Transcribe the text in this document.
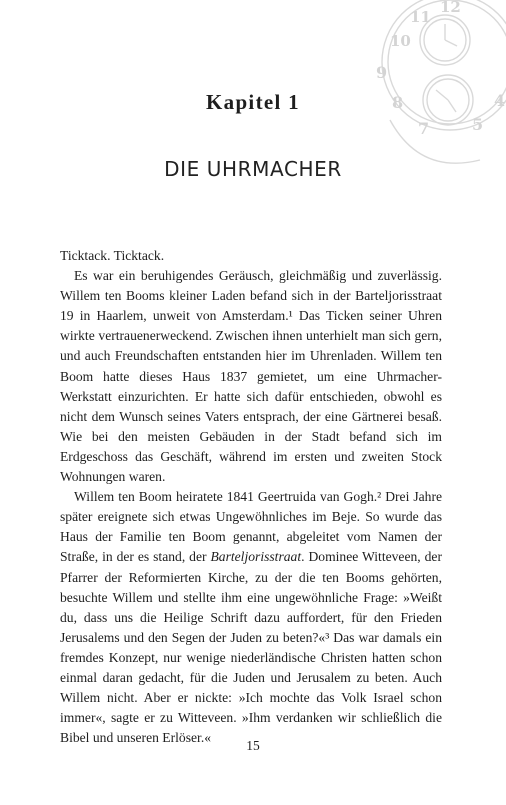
12
11
10
9
8
7	5
4
Kapitel 1
DIE UHRMACHER

Ticktack. Ticktack.

Es war ein beruhigendes Geräusch, gleichmäßig und zuverlässig. Willem ten Booms kleiner Laden befand sich in der Barteljorisstraat 19 in Haarlem, unweit von Amsterdam.¹ Das Ticken seiner Uhren wirkte vertrauenerweckend. Zwischen ihnen unterhielt man sich gern, und auch Freundschaften entstanden hier im Uhrenladen. Willem ten Boom hatte dieses Haus 1837 gemietet, um eine Uhrmacher-Werkstatt einzurichten. Er hatte sich dafür entschieden, obwohl es nicht dem Wunsch seines Vaters entsprach, der eine Gärtnerei besaß. Wie bei den meisten Gebäuden in der Stadt befand sich im Erdgeschoss das Geschäft, während im ersten und zweiten Stock Wohnungen waren.

Willem ten Boom heiratete 1841 Geertruida van Gogh.² Drei Jahre später ereignete sich etwas Ungewöhnliches im Beje. So wurde das Haus der Familie ten Boom genannt, abgeleitet vom Namen der Straße, in der es stand, der Barteljorisstraat. Dominee Witteveen, der Pfarrer der Reformierten Kirche, zu der die ten Booms gehörten, besuchte Willem und stellte ihm eine ungewöhnliche Frage: »Weißt du, dass uns die Heilige Schrift dazu auffordert, für den Frieden Jerusalems und den Segen der Juden zu beten?«³ Das war damals ein fremdes Konzept, nur wenige niederländische Christen hatten schon einmal daran gedacht, für die Juden und Jerusalem zu beten. Auch Willem nicht. Aber er nickte: »Ich mochte das Volk Israel schon immer«, sagte er zu Witteveen. »Ihm verdanken wir schließlich die Bibel und unseren Erlöser.«

15
